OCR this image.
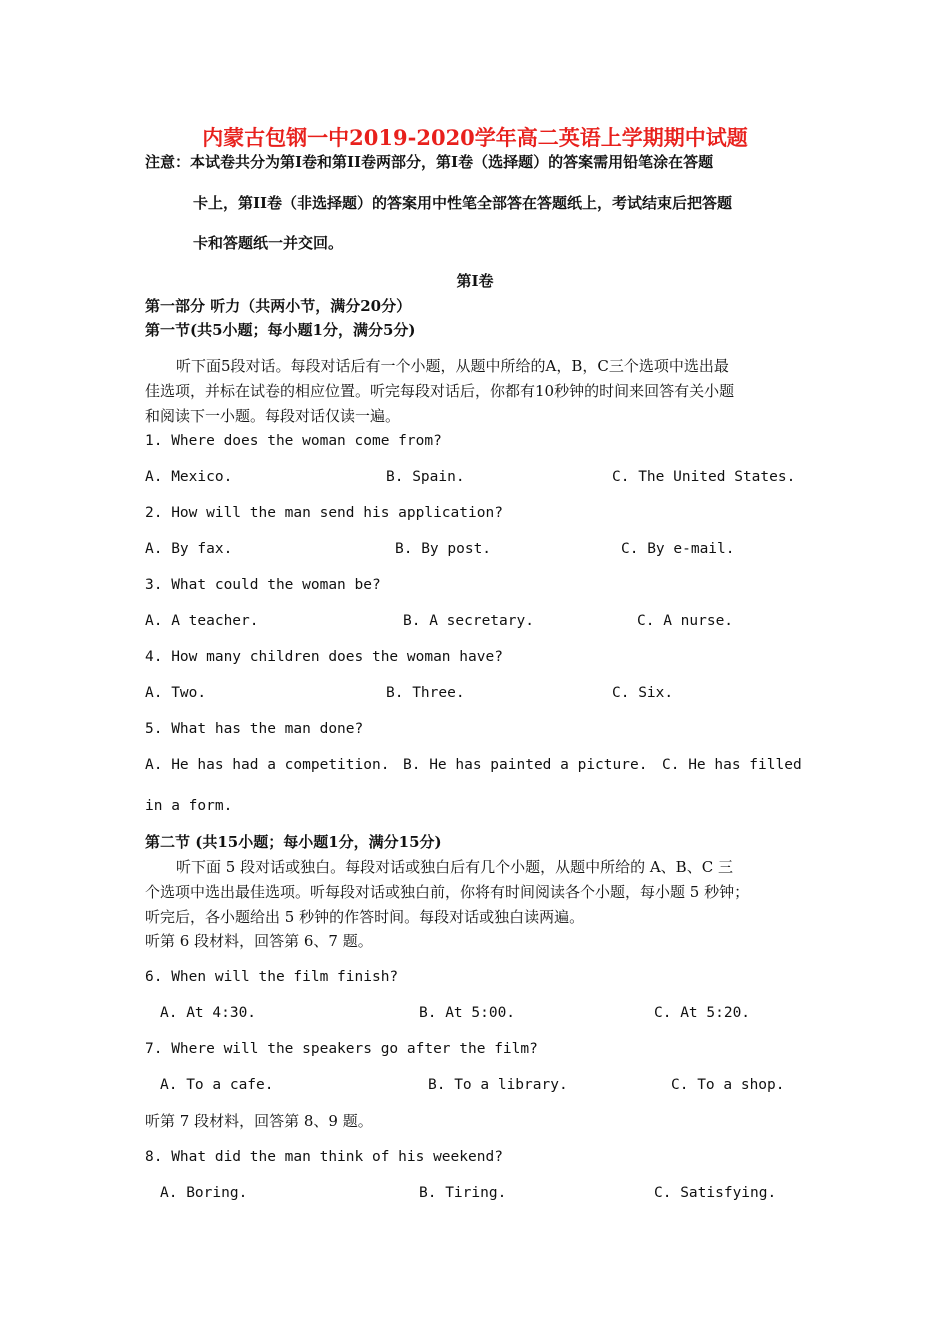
内蒙古包钢一中2019-2020学年高二英语上学期期中试题
注意：本试卷共分为第I卷和第II卷两部分，第I卷（选择题）的答案需用铅笔涂在答题
卡上，第II卷（非选择题）的答案用中性笔全部答在答题纸上，考试结束后把答题
卡和答题纸一并交回。
第I卷
第一部分 听力（共两小节，满分20分）
第一节(共5小题；每小题1分，满分5分)
听下面5段对话。每段对话后有一个小题，从题中所给的A，B，C三个选项中选出最
佳选项，并标在试卷的相应位置。听完每段对话后，你都有10秒钟的时间来回答有关小题
和阅读下一小题。每段对话仅读一遍。
1. Where does the woman come from?
A. Mexico.	B. Spain.	C. The United States.
2. How will the man send his application?
A. By fax.	B. By post.	C. By e-mail.
3. What could the woman be?
A. A teacher.	B. A secretary.	C. A nurse.
4. How many children does the woman have?
A. Two.	B. Three.	C. Six.
5. What has the man done?
A. He has had a competition. B. He has painted a picture. C. He has filled
in a form.
第二节 (共15小题；每小题1分，满分15分)
听下面 5 段对话或独白。每段对话或独白后有几个小题，从题中所给的 A、B、C 三
个选项中选出最佳选项。听每段对话或独白前，你将有时间阅读各个小题，每小题 5 秒钟；
听完后，各小题给出 5 秒钟的作答时间。每段对话或独白读两遍。
听第 6 段材料，回答第 6、7 题。
6. When will the film finish?
A. At 4:30.	B. At 5:00.	C. At 5:20.
7. Where will the speakers go after the film?
A. To a cafe.	B. To a library.	C. To a shop.
听第 7 段材料，回答第 8、9 题。
8. What did the man think of his weekend?
A. Boring.	B. Tiring.	C. Satisfying.
